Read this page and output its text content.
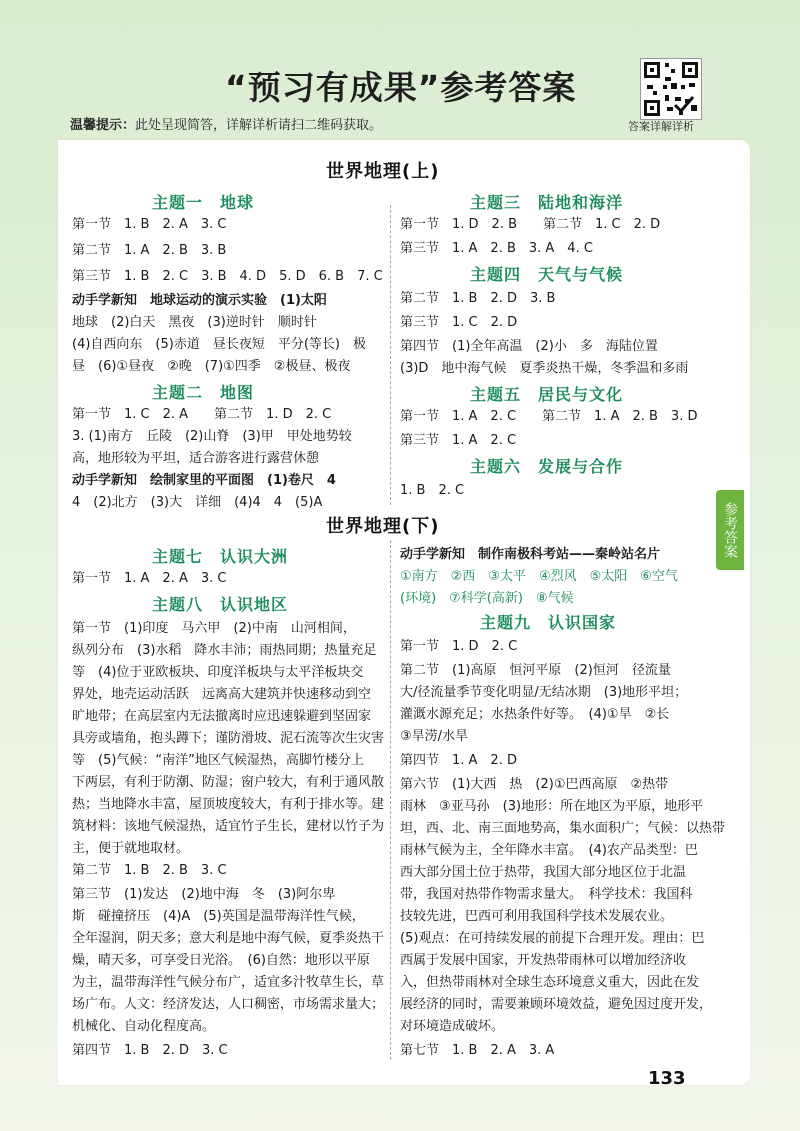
“预习有成果”参考答案
答案详解详析
温馨提示：此处呈现简答，详解详析请扫二维码获取。
参考答案
世界地理(上)
主题一　地球
第一节　1. B　2. A　3. C
第二节　1. A　2. B　3. B
第三节　1. B　2. C　3. B　4. D　5. D　6. B　7. C
动手学新知　地球运动的演示实验　(1)太阳
地球　(2)白天　黑夜　(3)逆时针　顺时针
(4)自西向东　(5)赤道　昼长夜短　平分(等长)　极
昼　(6)①昼夜　②晚　(7)①四季　②极昼、极夜
主题二　地图
第一节　1. C　2. A　　第二节　1. D　2. C
3. (1)南方　丘陵　(2)山脊　(3)甲　甲处地势较
高，地形较为平坦，适合游客进行露营休憩
动手学新知　绘制家里的平面图　(1)卷尺　4
4　(2)北方　(3)大　详细　(4)4　4　(5)A
主题三　陆地和海洋
第一节　1. D　2. B　　第二节　1. C　2. D
第三节　1. A　2. B　3. A　4. C
主题四　天气与气候
第二节　1. B　2. D　3. B
第三节　1. C　2. D
第四节　(1)全年高温　(2)小　多　海陆位置
(3)D　地中海气候　夏季炎热干燥，冬季温和多雨
主题五　居民与文化
第一节　1. A　2. C　　第二节　1. A　2. B　3. D
第三节　1. A　2. C
主题六　发展与合作
1. B　2. C
世界地理(下)
主题七　认识大洲
第一节　1. A　2. A　3. C
主题八　认识地区
第一节　(1)印度　马六甲　(2)中南　山河相间，
纵列分布　(3)水稻　降水丰沛；雨热同期；热量充足
等　(4)位于亚欧板块、印度洋板块与太平洋板块交
界处，地壳运动活跃　远离高大建筑并快速移动到空
旷地带；在高层室内无法撤离时应迅速躲避到坚固家
具旁或墙角，抱头蹲下；谨防滑坡、泥石流等次生灾害
等　(5)气候：“南洋”地区气候湿热，高脚竹楼分上
下两层，有利于防潮、防湿；窗户较大，有利于通风散
热；当地降水丰富，屋顶坡度较大，有利于排水等。建
筑材料：该地气候湿热，适宜竹子生长，建材以竹子为
主，便于就地取材。
第二节　1. B　2. B　3. C
第三节　(1)发达　(2)地中海　冬　(3)阿尔卑
斯　碰撞挤压　(4)A　(5)英国是温带海洋性气候，
全年湿润，阴天多；意大利是地中海气候，夏季炎热干
燥，晴天多，可享受日光浴。　(6)自然：地形以平原
为主，温带海洋性气候分布广，适宜多汁牧草生长，草
场广布。人文：经济发达，人口稠密，市场需求量大；
机械化、自动化程度高。
第四节　1. B　2. D　3. C
动手学新知　制作南极科考站——秦岭站名片
①南方　②西　③太平　④烈风　⑤太阳　⑥空气
(环境)　⑦科学(高新)　⑧气候
主题九　认识国家
第一节　1. D　2. C
第二节　(1)高原　恒河平原　(2)恒河　径流量
大/径流量季节变化明显/无结冰期　(3)地形平坦；
灌溉水源充足；水热条件好等。　(4)①旱　②长
③旱涝/水旱
第四节　1. A　2. D
第六节　(1)大西　热　(2)①巴西高原　②热带
雨林　③亚马孙　(3)地形：所在地区为平原，地形平
坦，西、北、南三面地势高，集水面积广；气候：以热带
雨林气候为主，全年降水丰富。　(4)农产品类型：巴
西大部分国土位于热带，我国大部分地区位于北温
带，我国对热带作物需求量大。　科学技术：我国科
技较先进，巴西可利用我国科学技术发展农业。
(5)观点：在可持续发展的前提下合理开发。理由：巴
西属于发展中国家，开发热带雨林可以增加经济收
入，但热带雨林对全球生态环境意义重大，因此在发
展经济的同时，需要兼顾环境效益，避免因过度开发，
对环境造成破坏。
第七节　1. B　2. A　3. A
133
